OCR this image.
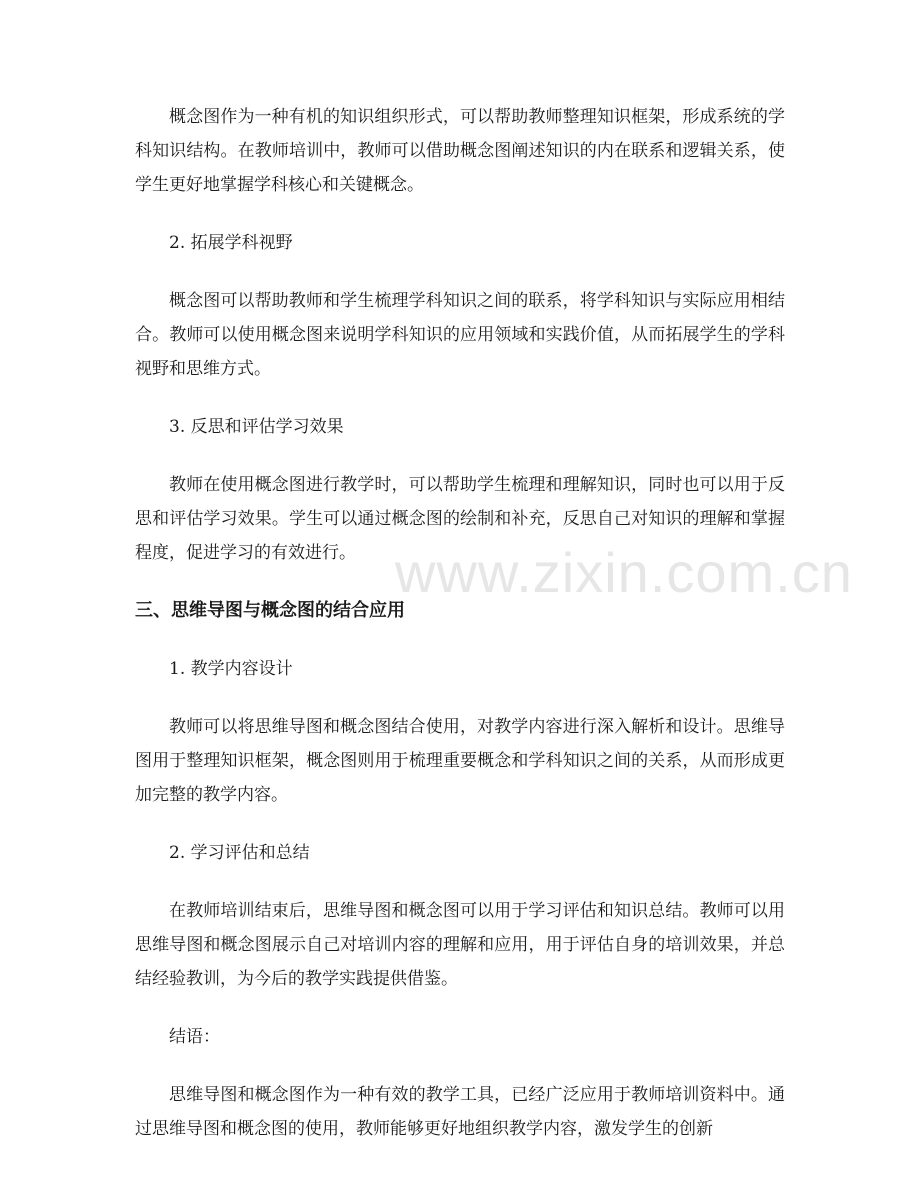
www.zixin.com.cn

概念图作为一种有机的知识组织形式，可以帮助教师整理知识框架，形成系统的学科知识结构。在教师培训中，教师可以借助概念图阐述知识的内在联系和逻辑关系，使学生更好地掌握学科核心和关键概念。

2. 拓展学科视野

概念图可以帮助教师和学生梳理学科知识之间的联系，将学科知识与实际应用相结合。教师可以使用概念图来说明学科知识的应用领域和实践价值，从而拓展学生的学科视野和思维方式。

3. 反思和评估学习效果

教师在使用概念图进行教学时，可以帮助学生梳理和理解知识，同时也可以用于反思和评估学习效果。学生可以通过概念图的绘制和补充，反思自己对知识的理解和掌握程度，促进学习的有效进行。

三、思维导图与概念图的结合应用

1. 教学内容设计

教师可以将思维导图和概念图结合使用，对教学内容进行深入解析和设计。思维导图用于整理知识框架，概念图则用于梳理重要概念和学科知识之间的关系，从而形成更加完整的教学内容。

2. 学习评估和总结

在教师培训结束后，思维导图和概念图可以用于学习评估和知识总结。教师可以用思维导图和概念图展示自己对培训内容的理解和应用，用于评估自身的培训效果，并总结经验教训，为今后的教学实践提供借鉴。

结语：

思维导图和概念图作为一种有效的教学工具，已经广泛应用于教师培训资料中。通过思维导图和概念图的使用，教师能够更好地组织教学内容，激发学生的创新
